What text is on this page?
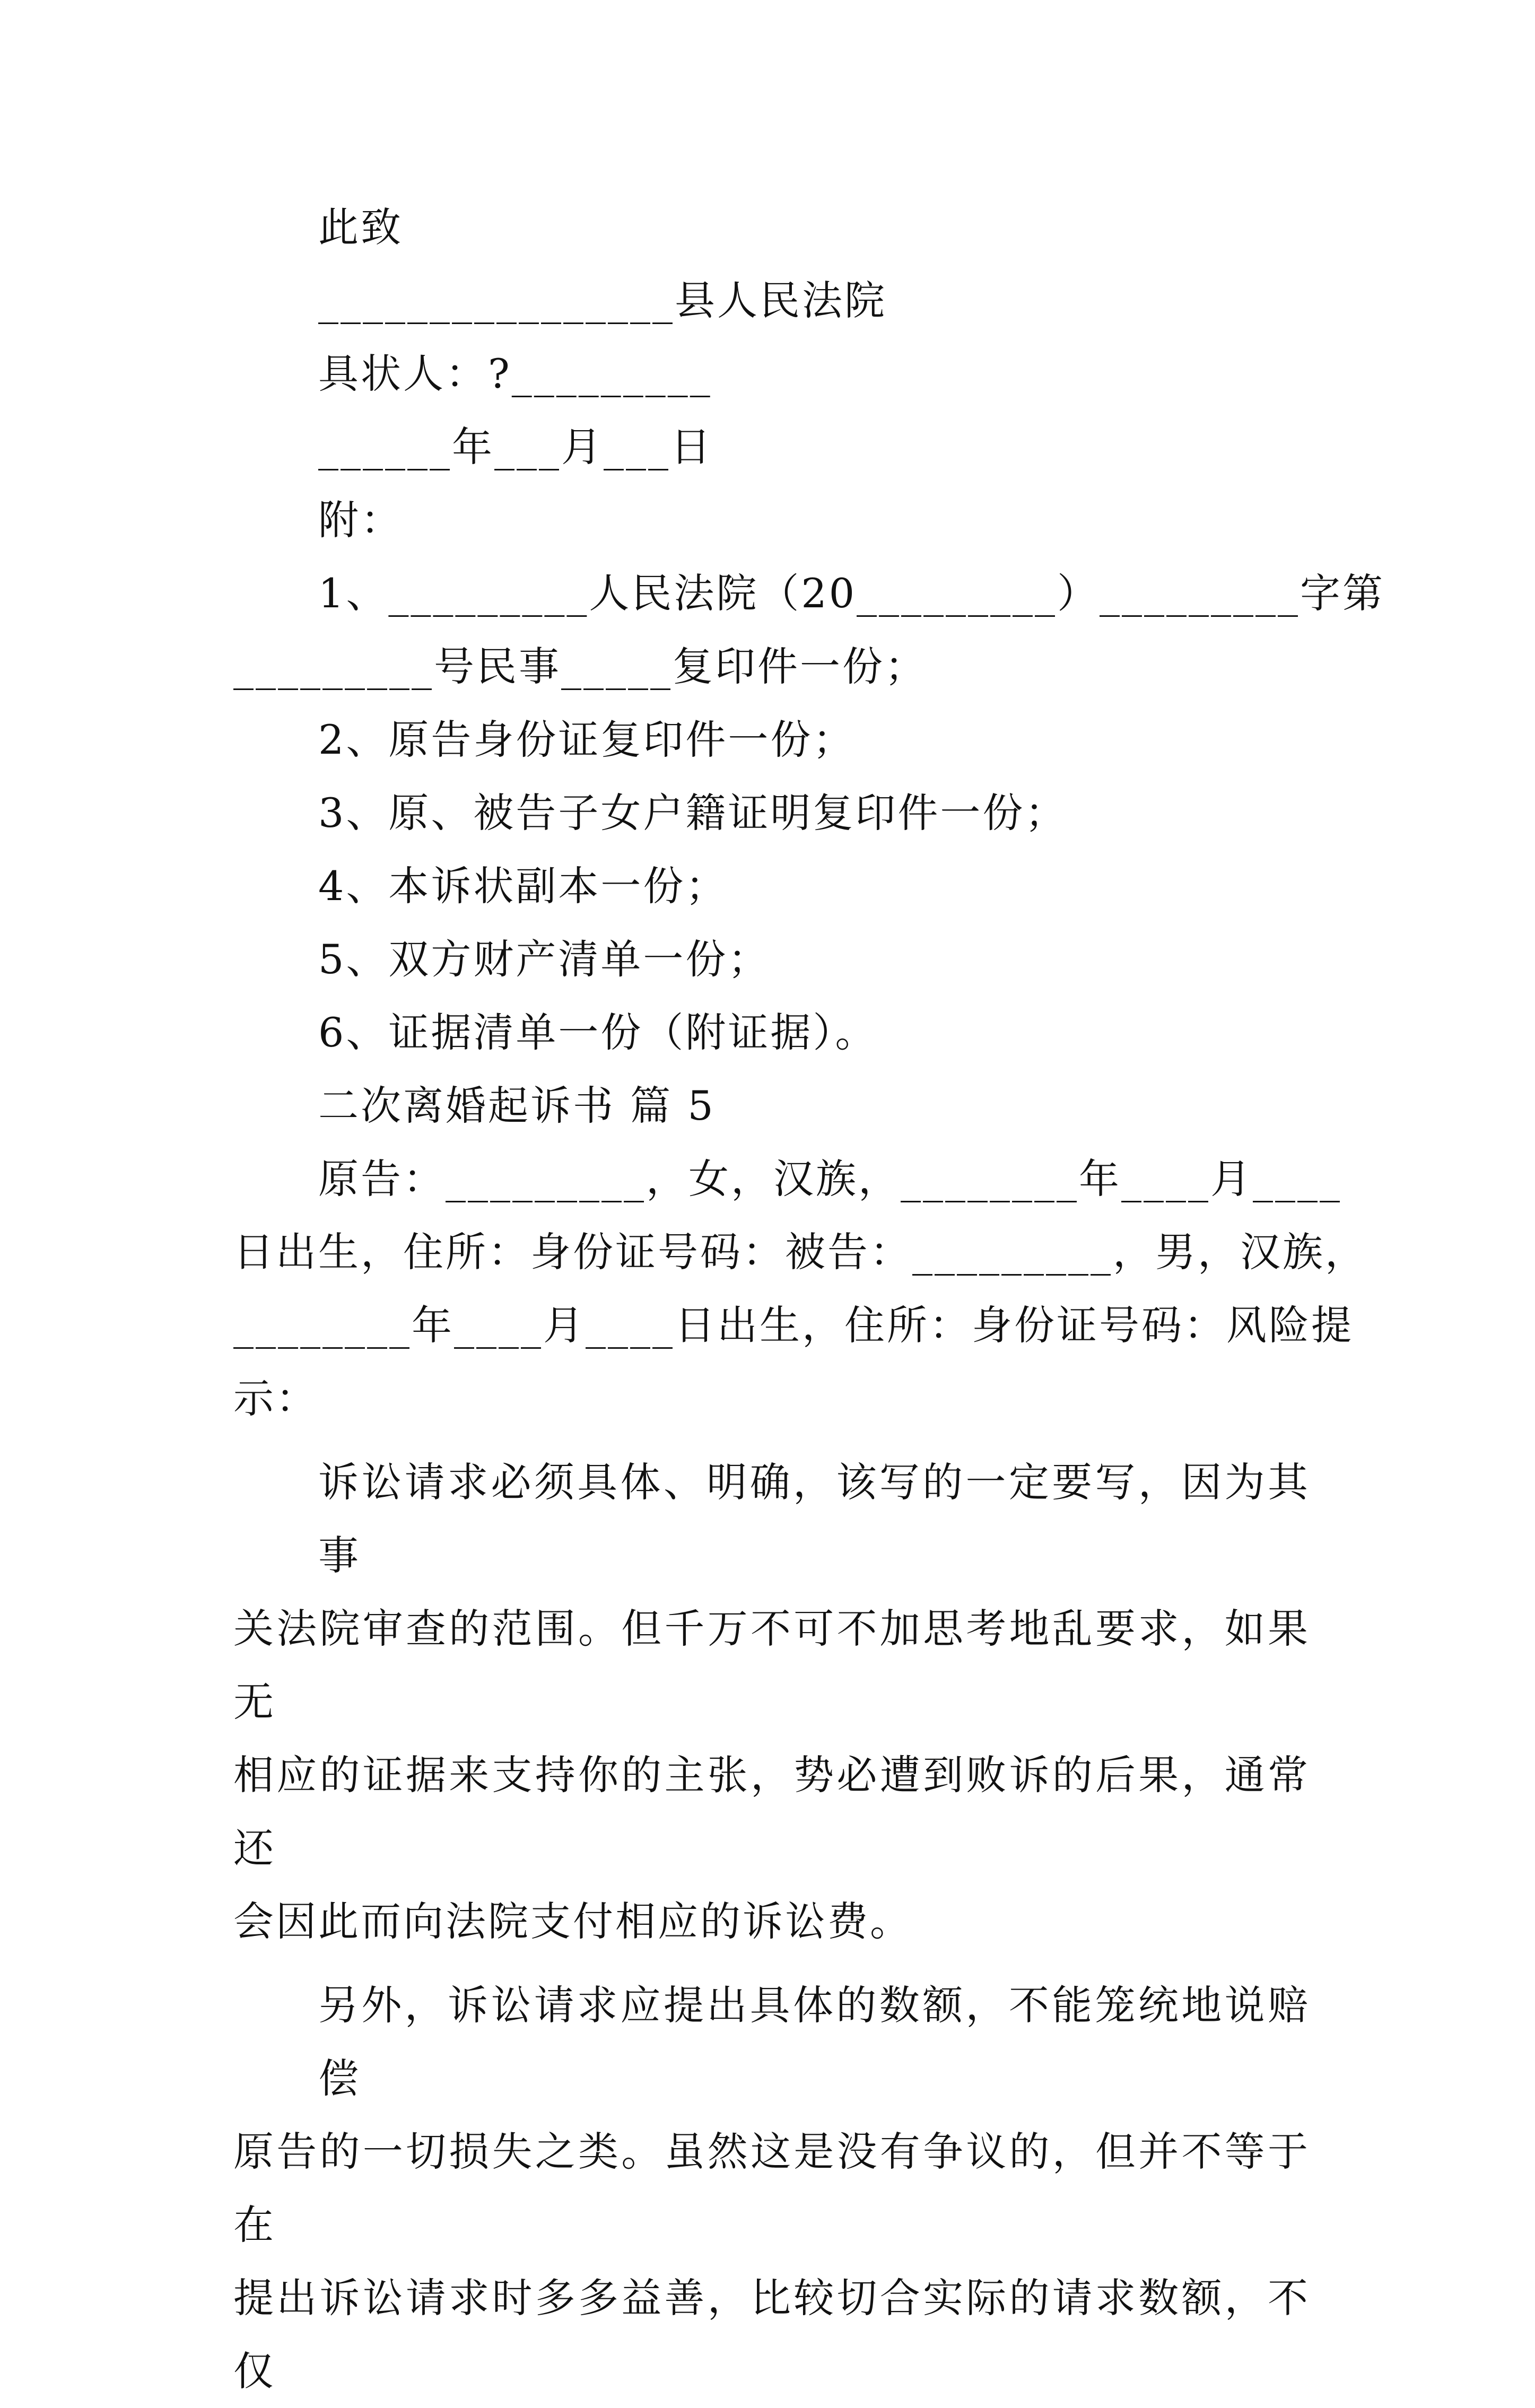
此致
________________县人民法院
具状人：?_________
______年___月___日
附：
1、_________人民法院（20_________）_________字第
_________号民事_____复印件一份；
2、原告身份证复印件一份；
3、原、被告子女户籍证明复印件一份；
4、本诉状副本一份；
5、双方财产清单一份；
6、证据清单一份（附证据）。
二次离婚起诉书 篇 5
原告：_________，女，汉族，________年____月____
日出生，住所：身份证号码：被告：_________，男，汉族，
________年____月____日出生，住所：身份证号码：风险提
示：
诉讼请求必须具体、明确，该写的一定要写，因为其事
关法院审查的范围。但千万不可不加思考地乱要求，如果无
相应的证据来支持你的主张，势必遭到败诉的后果，通常还
会因此而向法院支付相应的诉讼费。
另外，诉讼请求应提出具体的数额，不能笼统地说赔偿
原告的一切损失之类。虽然这是没有争议的，但并不等于在
提出诉讼请求时多多益善，比较切合实际的请求数额，不仅
